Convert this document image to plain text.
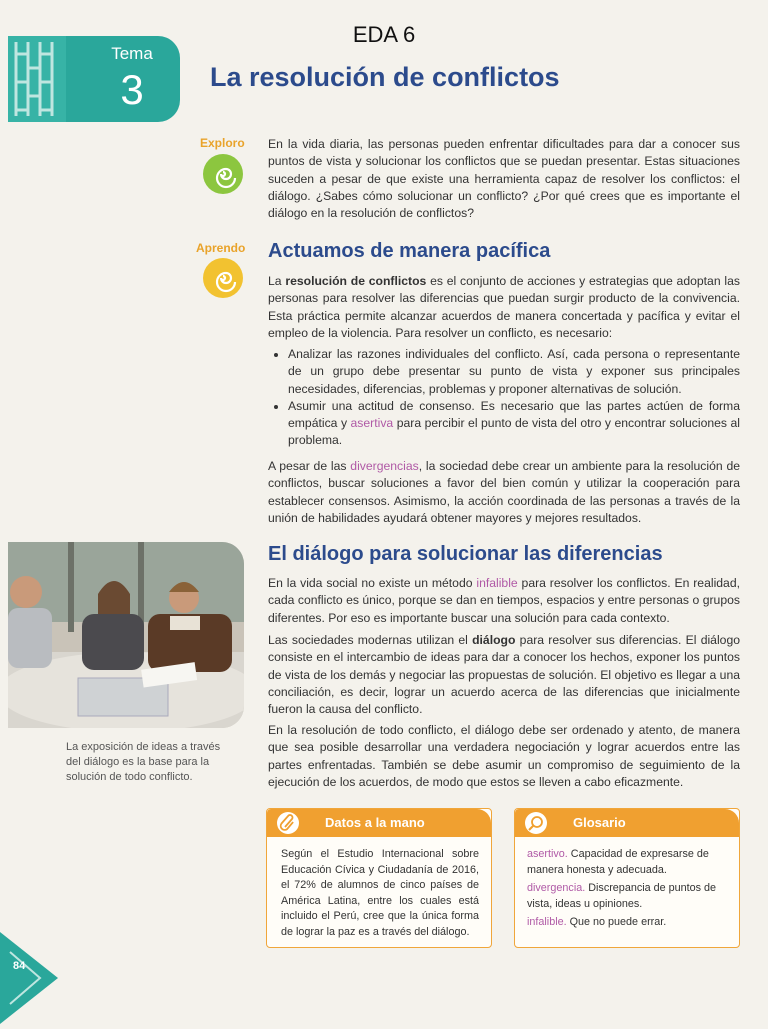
EDA 6
Tema
3	La resolución de conflictos
Exploro En la vida diaria, las personas pueden enfrentar dificultades para dar a conocer sus puntos de vista y solucionar los conflictos que se puedan presentar. Estas situaciones suceden a pesar de que existe una herramienta capaz de resolver los conflictos: el diálogo. ¿Sabes cómo solucionar un conflicto? ¿Por qué crees que es importante el diálogo en la resolución de conflictos?
Aprendo Actuamos de manera pacífica
La resolución de conflictos es el conjunto de acciones y estrategias que adoptan las personas para resolver las diferencias que puedan surgir producto de la convivencia. Esta práctica permite alcanzar acuerdos de manera concertada y pacífica y evitar el empleo de la violencia. Para resolver un conflicto, es necesario:
• Analizar las razones individuales del conflicto. Así, cada persona o representante de un grupo debe presentar su punto de vista y exponer sus principales necesidades, diferencias, problemas y proponer alternativas de solución.
• Asumir una actitud de consenso. Es necesario que las partes actúen de forma empática y asertiva para percibir el punto de vista del otro y encontrar soluciones al problema.
A pesar de las divergencias, la sociedad debe crear un ambiente para la resolución de conflictos, buscar soluciones a favor del bien común y utilizar la cooperación para establecer consensos. Asimismo, la acción coordinada de las personas a través de la unión de habilidades ayudará obtener mayores y mejores resultados.
El diálogo para solucionar las diferencias
En la vida social no existe un método infalible para resolver los conflictos. En realidad, cada conflicto es único, porque se dan en tiempos, espacios y entre personas o grupos diferentes. Por eso es importante buscar una solución para cada contexto.
Las sociedades modernas utilizan el diálogo para resolver sus diferencias. El diálogo consiste en el intercambio de ideas para dar a conocer los hechos, exponer los puntos de vista de los demás y negociar las propuestas de solución. El objetivo es llegar a una conciliación, es decir, lograr un acuerdo acerca de las diferencias que inicialmente fueron la causa del conflicto.
En la resolución de todo conflicto, el diálogo debe ser ordenado y atento, de manera que sea posible desarrollar una verdadera negociación y lograr acuerdos entre las partes enfrentadas. También se debe asumir un compromiso de seguimiento de la ejecución de los acuerdos, de modo que estos se lleven a cabo eficazmente.
La exposición de ideas a través del diálogo es la base para la solución de todo conflicto.
Datos a la mano
Según el Estudio Internacional sobre Educación Cívica y Ciudadanía de 2016, el 72% de alumnos de cinco países de América Latina, entre los cuales está incluido el Perú, cree que la única forma de lograr la paz es a través del diálogo.
Glosario
asertivo. Capacidad de expresarse de manera honesta y adecuada.
divergencia. Discrepancia de puntos de vista, ideas u opiniones.
infalible. Que no puede errar.
84
